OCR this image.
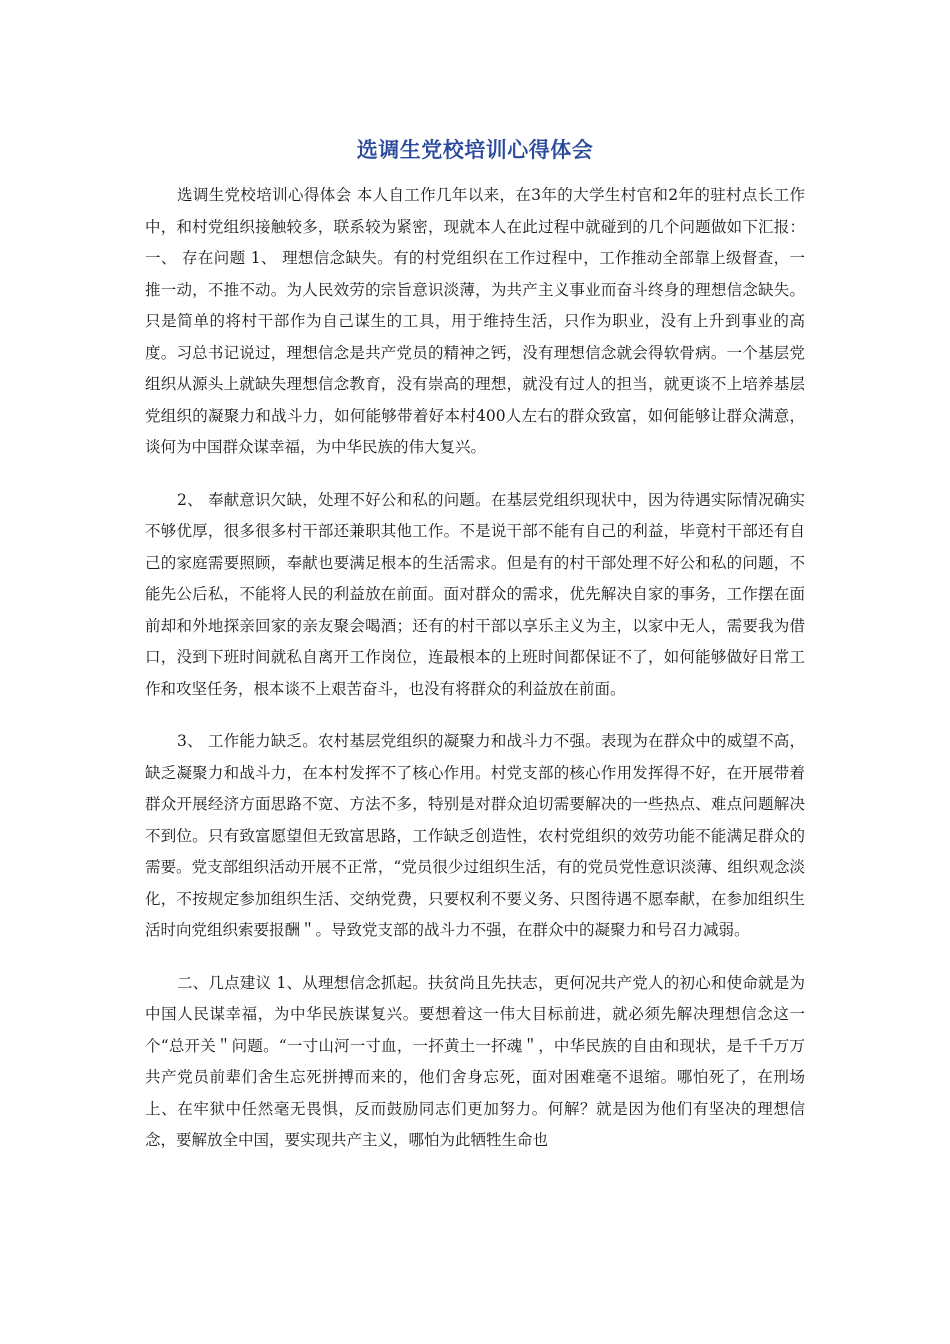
选调生党校培训心得体会

选调生党校培训心得体会 本人自工作几年以来，在3年的大学生村官和2年的驻村点长工作中，和村党组织接触较多，联系较为紧密，现就本人在此过程中就碰到的几个问题做如下汇报：一、 存在问题 1、 理想信念缺失。有的村党组织在工作过程中，工作推动全部靠上级督查，一推一动，不推不动。为人民效劳的宗旨意识淡薄，为共产主义事业而奋斗终身的理想信念缺失。只是简单的将村干部作为自己谋生的工具，用于维持生活，只作为职业，没有上升到事业的高度。习总书记说过，理想信念是共产党员的精神之钙，没有理想信念就会得软骨病。一个基层党组织从源头上就缺失理想信念教育，没有崇高的理想，就没有过人的担当，就更谈不上培养基层党组织的凝聚力和战斗力，如何能够带着好本村400人左右的群众致富，如何能够让群众满意，谈何为中国群众谋幸福，为中华民族的伟大复兴。

2、 奉献意识欠缺，处理不好公和私的问题。在基层党组织现状中，因为待遇实际情况确实不够优厚，很多很多村干部还兼职其他工作。不是说干部不能有自己的利益，毕竟村干部还有自己的家庭需要照顾，奉献也要满足根本的生活需求。但是有的村干部处理不好公和私的问题，不能先公后私，不能将人民的利益放在前面。面对群众的需求，优先解决自家的事务，工作摆在面前却和外地探亲回家的亲友聚会喝酒；还有的村干部以享乐主义为主，以家中无人，需要我为借口，没到下班时间就私自离开工作岗位，连最根本的上班时间都保证不了，如何能够做好日常工作和攻坚任务，根本谈不上艰苦奋斗，也没有将群众的利益放在前面。

3、 工作能力缺乏。农村基层党组织的凝聚力和战斗力不强。表现为在群众中的威望不高，缺乏凝聚力和战斗力，在本村发挥不了核心作用。村党支部的核心作用发挥得不好，在开展带着群众开展经济方面思路不宽、方法不多，特别是对群众迫切需要解决的一些热点、难点问题解决不到位。只有致富愿望但无致富思路，工作缺乏创造性，农村党组织的效劳功能不能满足群众的需要。党支部组织活动开展不正常，“党员很少过组织生活，有的党员党性意识淡薄、组织观念淡化，不按规定参加组织生活、交纳党费，只要权利不要义务、只图待遇不愿奉献，在参加组织生活时向党组织索要报酬＂。导致党支部的战斗力不强，在群众中的凝聚力和号召力减弱。

二、几点建议 1、从理想信念抓起。扶贫尚且先扶志，更何况共产党人的初心和使命就是为中国人民谋幸福，为中华民族谋复兴。要想着这一伟大目标前进，就必须先解决理想信念这一个“总开关＂问题。“一寸山河一寸血，一抔黄土一抔魂＂，中华民族的自由和现状，是千千万万共产党员前辈们舍生忘死拼搏而来的，他们舍身忘死，面对困难毫不退缩。哪怕死了，在刑场上、在牢狱中任然毫无畏惧，反而鼓励同志们更加努力。何解？就是因为他们有坚决的理想信念，要解放全中国，要实现共产主义，哪怕为此牺牲生命也
